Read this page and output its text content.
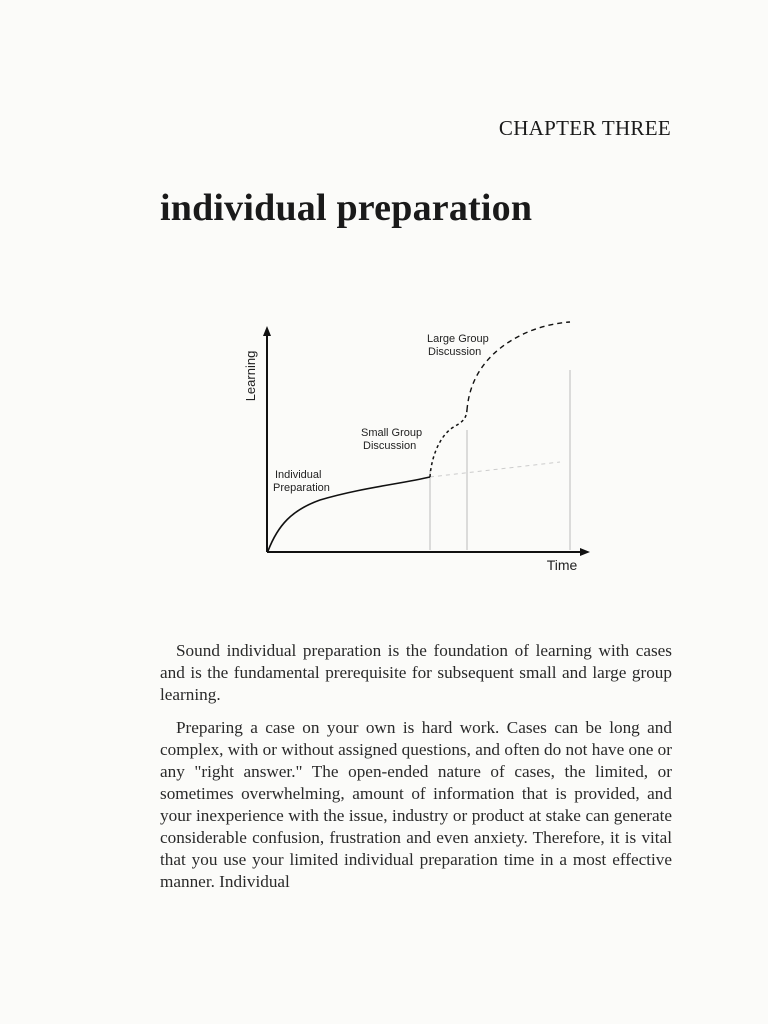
CHAPTER THREE
individual preparation
Learning
Time
Individual
Preparation
Small Group
Discussion
Large Group
Discussion

Sound individual preparation is the foundation of learning with cases and is the fundamental prerequisite for subsequent small and large group learning.

Preparing a case on your own is hard work. Cases can be long and complex, with or without assigned questions, and often do not have one or any "right answer." The open-ended nature of cases, the limited, or sometimes overwhelming, amount of information that is provided, and your inexperience with the issue, industry or product at stake can generate considerable confusion, frustration and even anxiety. Therefore, it is vital that you use your limited individual preparation time in a most effective manner. Individual
